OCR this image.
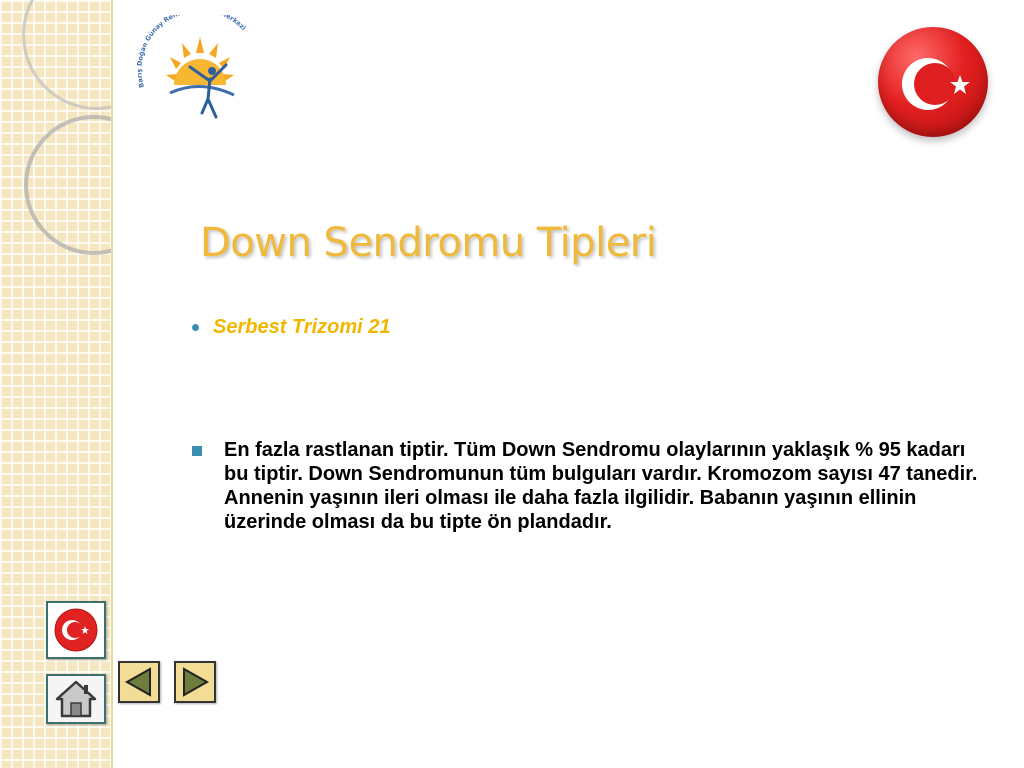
Barış Doğan Günay Re erkezi
Down Sendromu Tipleri
Serbest Trizomi 21
En fazla rastlanan tiptir. Tüm Down Sendromu olaylarının yaklaşık % 95 kadarı bu tiptir. Down Sendromunun tüm bulguları vardır. Kromozom sayısı 47 tanedir. Annenin yaşının ileri olması ile daha fazla ilgilidir. Babanın yaşının ellinin üzerinde olması da bu tipte ön plandadır.
